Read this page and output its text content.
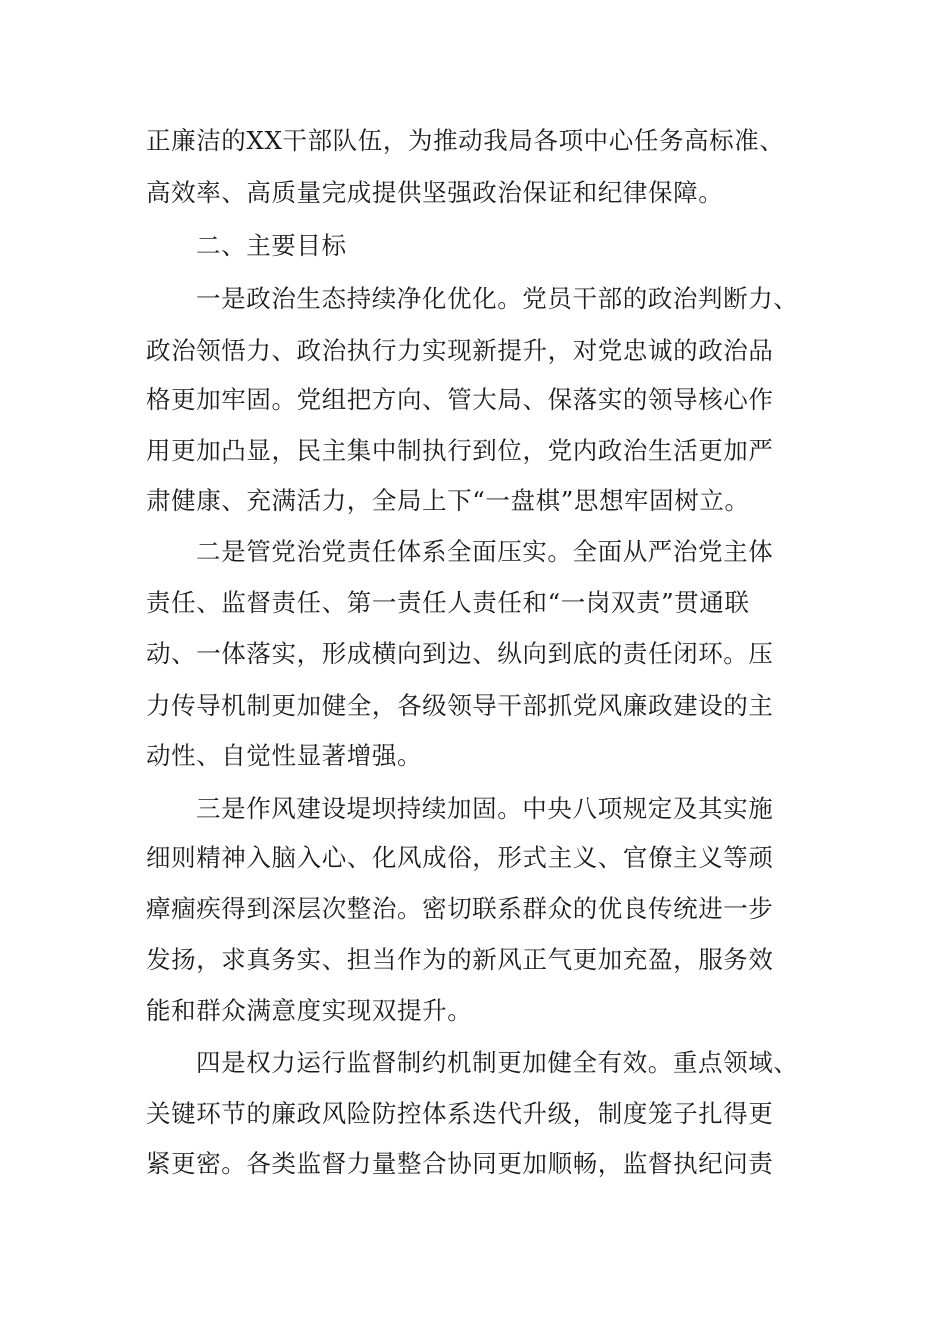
正廉洁的XX干部队伍，为推动我局各项中心任务高标准、
高效率、高质量完成提供坚强政治保证和纪律保障。
二、主要目标
一是政治生态持续净化优化。党员干部的政治判断力、
政治领悟力、政治执行力实现新提升，对党忠诚的政治品
格更加牢固。党组把方向、管大局、保落实的领导核心作
用更加凸显，民主集中制执行到位，党内政治生活更加严
肃健康、充满活力，全局上下“一盘棋”思想牢固树立。
二是管党治党责任体系全面压实。全面从严治党主体
责任、监督责任、第一责任人责任和“一岗双责”贯通联
动、一体落实，形成横向到边、纵向到底的责任闭环。压
力传导机制更加健全，各级领导干部抓党风廉政建设的主
动性、自觉性显著增强。
三是作风建设堤坝持续加固。中央八项规定及其实施
细则精神入脑入心、化风成俗，形式主义、官僚主义等顽
瘴痼疾得到深层次整治。密切联系群众的优良传统进一步
发扬，求真务实、担当作为的新风正气更加充盈，服务效
能和群众满意度实现双提升。
四是权力运行监督制约机制更加健全有效。重点领域、
关键环节的廉政风险防控体系迭代升级，制度笼子扎得更
紧更密。各类监督力量整合协同更加顺畅，监督执纪问责
